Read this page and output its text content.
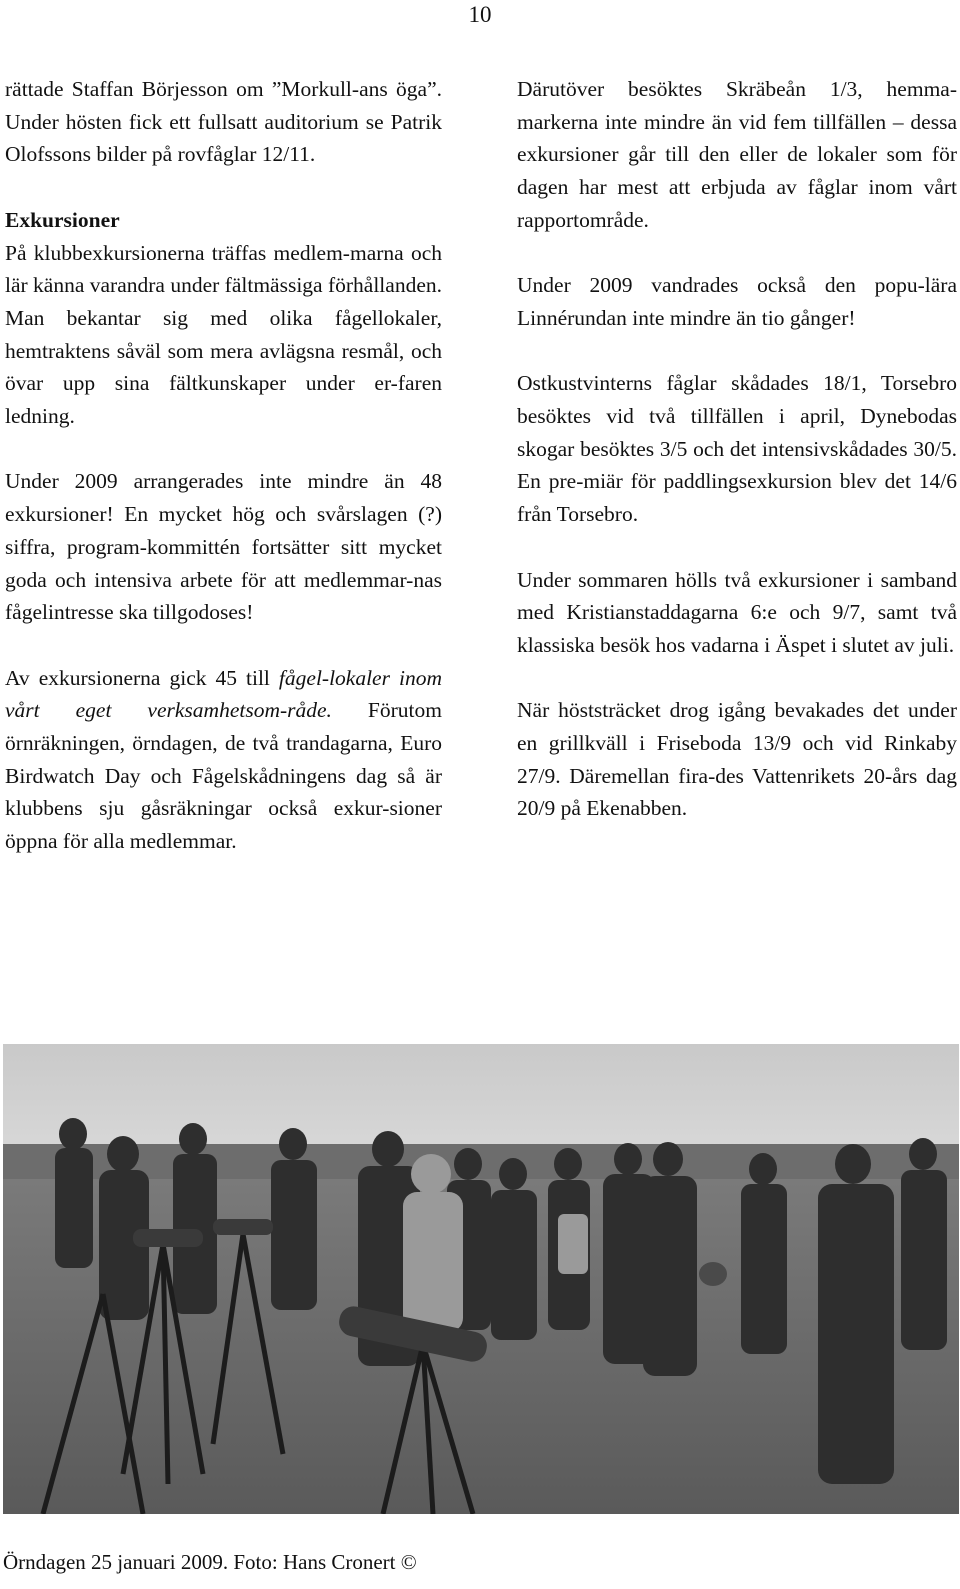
10

rättade Staffan Börjesson om ”Morkull-ans öga”. Under hösten fick ett fullsatt auditorium se Patrik Olofssons bilder på rovfåglar 12/11.

Exkursioner
På klubbexkursionerna träffas medlem-marna och lär känna varandra under fältmässiga förhållanden. Man bekantar sig med olika fågellokaler, hemtraktens såväl som mera avlägsna resmål, och övar upp sina fältkunskaper under er-faren ledning.

Under 2009 arrangerades inte mindre än 48 exkursioner! En mycket hög och svårslagen (?) siffra, program-kommittén fortsätter sitt mycket goda och intensiva arbete för att medlemmar-nas fågelintresse ska tillgodoses!

Av exkursionerna gick 45 till fågel-lokaler inom vårt eget verksamhetsom-råde. Förutom örnräkningen, örndagen, de två trandagarna, Euro Birdwatch Day och Fågelskådningens dag så är klubbens sju gåsräkningar också exkur-sioner öppna för alla medlemmar.

Därutöver besöktes Skräbeån 1/3, hemma-markerna inte mindre än vid fem tillfällen – dessa exkursioner går till den eller de lokaler som för dagen har mest att erbjuda av fåglar inom vårt rapportområde.

Under 2009 vandrades också den popu-lära Linnérundan inte mindre än tio gånger!

Ostkustvinterns fåglar skådades 18/1, Torsebro besöktes vid två tillfällen i april, Dynebodas skogar besöktes 3/5 och det intensivskådades 30/5. En pre-miär för paddlingsexkursion blev det 14/6 från Torsebro.

Under sommaren hölls två exkursioner i samband med Kristianstaddagarna 6:e och 9/7, samt två klassiska besök hos vadarna i Äspet i slutet av juli.

När höststräcket drog igång bevakades det under en grillkväll i Friseboda 13/9 och vid Rinkaby 27/9. Däremellan fira-des Vattenrikets 20-års dag 20/9 på Ekenabben.

Örndagen 25 januari 2009. Foto: Hans Cronert ©
